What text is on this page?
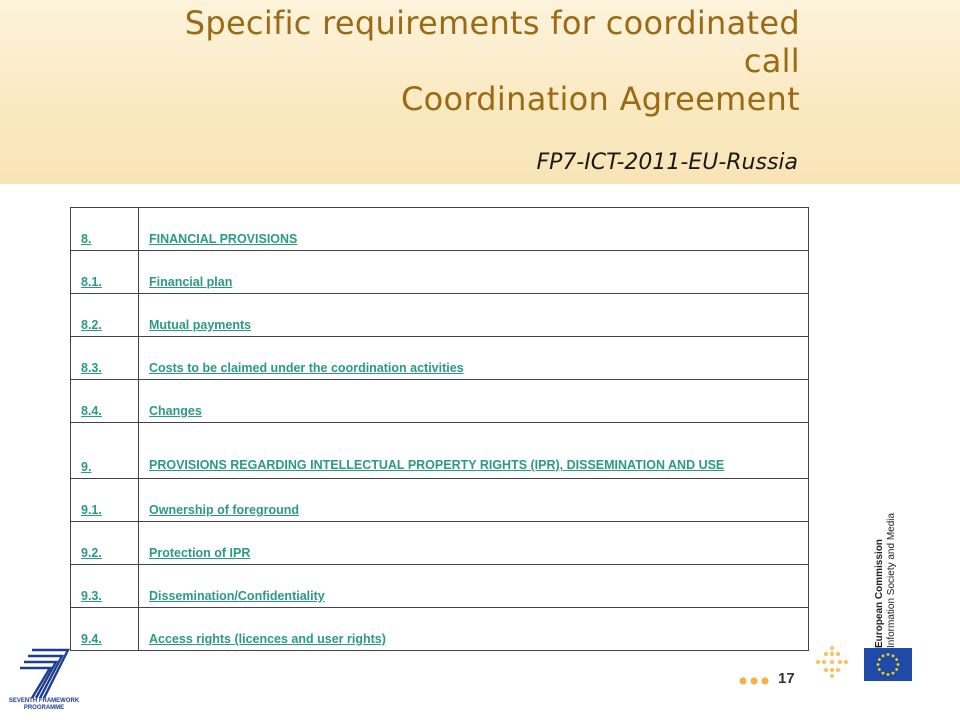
Specific requirements for coordinated
call
Coordination Agreement
FP7-ICT-2011-EU-Russia
8.	FINANCIAL PROVISIONS
8.1.	Financial plan
8.2.	Mutual payments
8.3.	Costs to be claimed under the coordination activities
8.4.	Changes
9.	PROVISIONS REGARDING INTELLECTUAL PROPERTY RIGHTS (IPR), DISSEMINATION AND USE
9.1.	Ownership of foreground
9.2.	Protection of IPR
9.3.	Dissemination/Confidentiality
9.4.	Access rights (licences and user rights)
17
European Commission Information Society and Media
SEVENTH FRAMEWORK
PROGRAMME
